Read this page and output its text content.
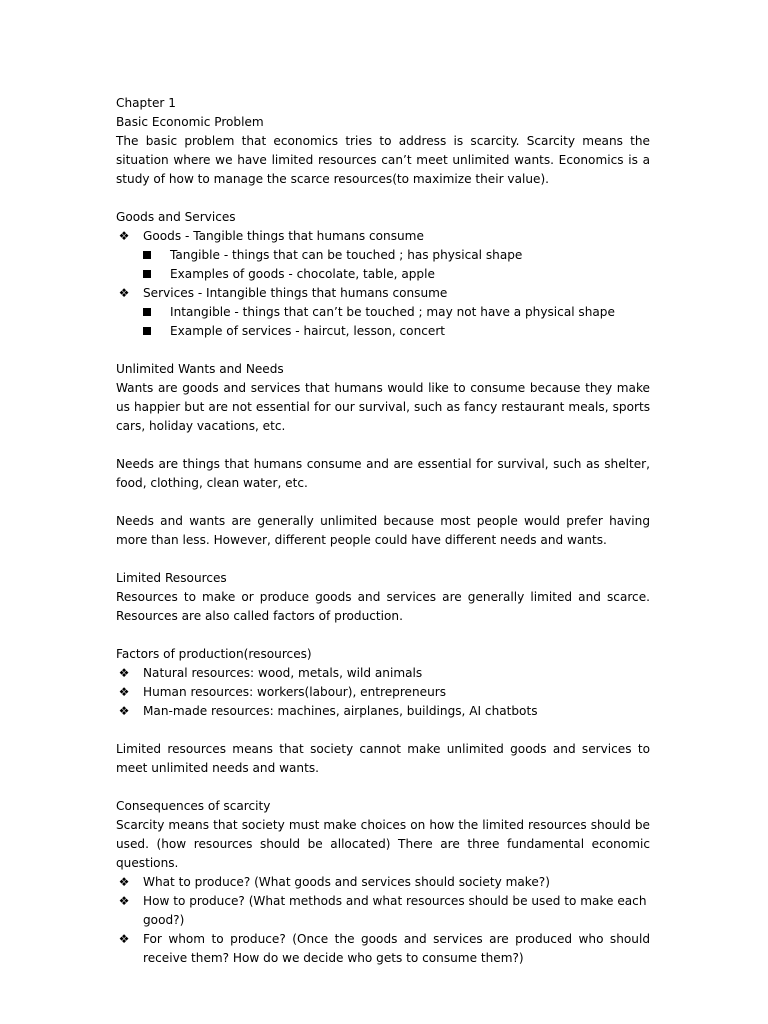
Chapter 1
Basic Economic Problem
The basic problem that economics tries to address is scarcity. Scarcity means the situation where we have limited resources can’t meet unlimited wants. Economics is a study of how to manage the scarce resources(to maximize their value).
Goods and Services
❖ Goods - Tangible things that humans consume
Tangible - things that can be touched ; has physical shape
Examples of goods - chocolate, table, apple
❖ Services - Intangible things that humans consume
Intangible - things that can’t be touched ; may not have a physical shape
Example of services - haircut, lesson, concert
Unlimited Wants and Needs
Wants are goods and services that humans would like to consume because they make us happier but are not essential for our survival, such as fancy restaurant meals, sports cars, holiday vacations, etc.
Needs are things that humans consume and are essential for survival, such as shelter, food, clothing, clean water, etc.
Needs and wants are generally unlimited because most people would prefer having more than less. However, different people could have different needs and wants.
Limited Resources
Resources to make or produce goods and services are generally limited and scarce. Resources are also called factors of production.
Factors of production(resources)
❖ Natural resources: wood, metals, wild animals
❖ Human resources: workers(labour), entrepreneurs
❖ Man-made resources: machines, airplanes, buildings, AI chatbots
Limited resources means that society cannot make unlimited goods and services to meet unlimited needs and wants.
Consequences of scarcity
Scarcity means that society must make choices on how the limited resources should be used. (how resources should be allocated) There are three fundamental economic questions.
❖ What to produce? (What goods and services should society make?)
❖ How to produce? (What methods and what resources should be used to make each good?)
❖ For whom to produce? (Once the goods and services are produced who should receive them? How do we decide who gets to consume them?)
